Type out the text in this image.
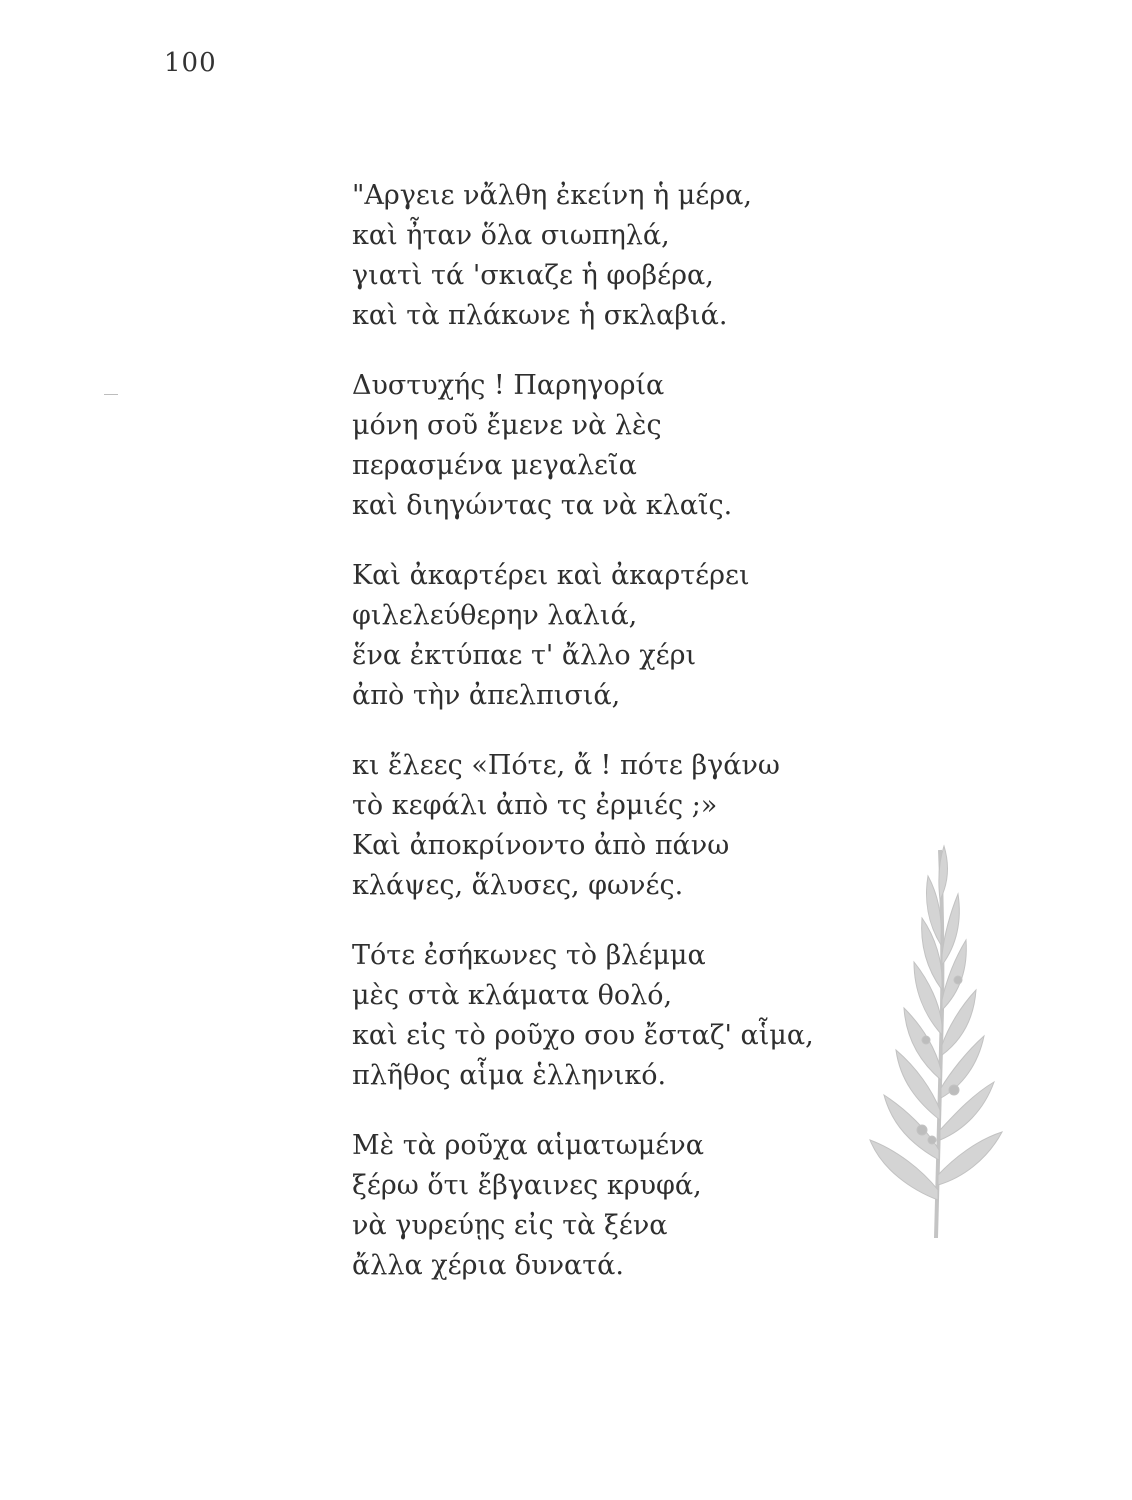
100
"Αργειε νἄλθη ἐκείνη ἡ μέρα,
καὶ ἦταν ὅλα σιωπηλά,
γιατὶ τά 'σκιαζε ἡ φοβέρα,
καὶ τὰ πλάκωνε ἡ σκλαβιά.
Δυστυχής ! Παρηγορία
μόνη σοῦ ἔμενε νὰ λὲς
περασμένα μεγαλεῖα
καὶ διηγώντας τα νὰ κλαῖς.
Καὶ ἀκαρτέρει καὶ ἀκαρτέρει
φιλελεύθερην λαλιά,
ἕνα ἐκτύπαε τ' ἄλλο χέρι
ἀπὸ τὴν ἀπελπισιά,
κι ἔλεες «Πότε, ἄ ! πότε βγάνω
τὸ κεφάλι ἀπὸ τς ἐρμιές ;»
Καὶ ἀποκρίνοντο ἀπὸ πάνω
κλάψες, ἅλυσες, φωνές.
Τότε ἐσήκωνες τὸ βλέμμα
μὲς στὰ κλάματα θολό,
καὶ εἰς τὸ ροῦχο σου ἔσταζ' αἷμα,
πλῆθος αἷμα ἑλληνικό.
Μὲ τὰ ροῦχα αἱματωμένα
ξέρω ὅτι ἔβγαινες κρυφά,
νὰ γυρεύῃς εἰς τὰ ξένα
ἄλλα χέρια δυνατά.
